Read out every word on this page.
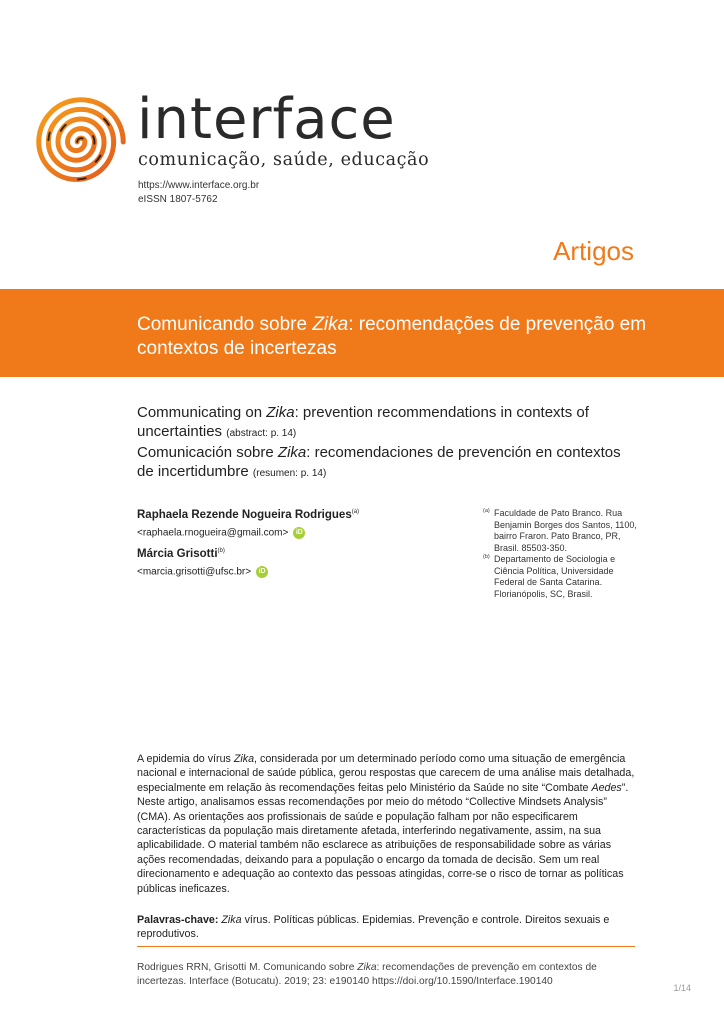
interface
comunicação, saúde, educação
https://www.interface.org.br
eISSN 1807-5762
Artigos
Comunicando sobre Zika: recomendações de prevenção em contextos de incertezas
Communicating on Zika: prevention recommendations in contexts of uncertainties (abstract: p. 14)
Comunicación sobre Zika: recomendaciones de prevención en contextos de incertidumbre (resumen: p. 14)
Raphaela Rezende Nogueira Rodrigues$^{(a)}$
<raphaela.rnogueira@gmail.com> iD
Márcia Grisotti$^{(b)}$
<marcia.grisotti@ufsc.br> iD
(a) Faculdade de Pato Branco. Rua Benjamin Borges dos Santos, 1100, bairro Fraron. Pato Branco, PR, Brasil. 85503-350.
(b) Departamento de Sociologia e Ciência Política, Universidade Federal de Santa Catarina. Florianópolis, SC, Brasil.
A epidemia do vírus Zika, considerada por um determinado período como uma situação de emergência nacional e internacional de saúde pública, gerou respostas que carecem de uma análise mais detalhada, especialmente em relação às recomendações feitas pelo Ministério da Saúde no site “Combate Aedes”. Neste artigo, analisamos essas recomendações por meio do método “Collective Mindsets Analysis” (CMA). As orientações aos profissionais de saúde e população falham por não especificarem características da população mais diretamente afetada, interferindo negativamente, assim, na sua aplicabilidade. O material também não esclarece as atribuições de responsabilidade sobre as várias ações recomendadas, deixando para a população o encargo da tomada de decisão. Sem um real direcionamento e adequação ao contexto das pessoas atingidas, corre-se o risco de tornar as políticas públicas ineficazes.
Palavras-chave: Zika vírus. Políticas públicas. Epidemias. Prevenção e controle. Direitos sexuais e reprodutivos.
Rodrigues RRN, Grisotti M. Comunicando sobre Zika: recomendações de prevenção em contextos de incertezas. Interface (Botucatu). 2019; 23: e190140 https://doi.org/10.1590/Interface.190140
1/14
